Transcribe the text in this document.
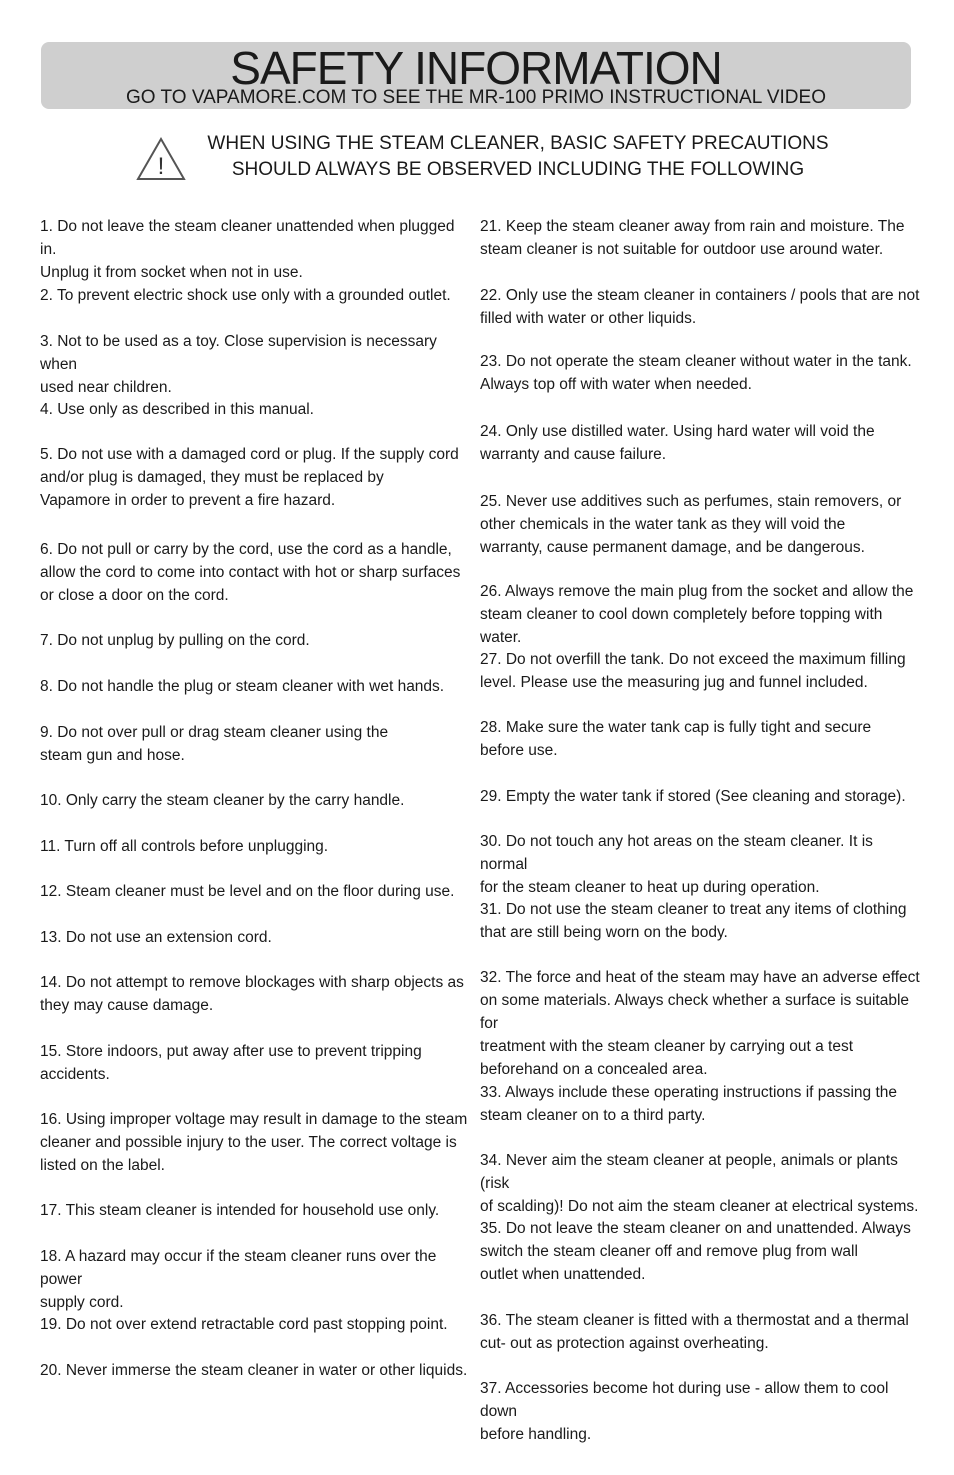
SAFETY INFORMATION
GO TO VAPAMORE.COM TO SEE THE MR-100 PRIMO INSTRUCTIONAL VIDEO
!
WHEN USING THE STEAM CLEANER, BASIC SAFETY PRECAUTIONS
SHOULD ALWAYS BE OBSERVED INCLUDING THE FOLLOWING
1. Do not leave the steam cleaner unattended when plugged in.
Unplug it from socket when not in use.
2. To prevent electric shock use only with a grounded outlet.
3. Not to be used as a toy. Close supervision is necessary when
used near children.
4. Use only as described in this manual.
5. Do not use with a damaged cord or plug. If the supply cord
and/or plug is damaged, they must be replaced by
Vapamore in order to prevent a fire hazard.
6. Do not pull or carry by the cord, use the cord as a handle,
allow the cord to come into contact with hot or sharp surfaces
or close a door on the cord.
7. Do not unplug by pulling on the cord.
8. Do not handle the plug or steam cleaner with wet hands.
9. Do not over pull or drag steam cleaner using the
steam gun and hose.
10. Only carry the steam cleaner by the carry handle.
11. Turn off all controls before unplugging.
12. Steam cleaner must be level and on the floor during use.
13. Do not use an extension cord.
14. Do not attempt to remove blockages with sharp objects as
they may cause damage.
15. Store indoors, put away after use to prevent tripping
accidents.
16. Using improper voltage may result in damage to the steam
cleaner and possible injury to the user. The correct voltage is
listed on the label.
17. This steam cleaner is intended for household use only.
18. A hazard may occur if the steam cleaner runs over the power
supply cord.
19. Do not over extend retractable cord past stopping point.
20. Never immerse the steam cleaner in water or other liquids.
21. Keep the steam cleaner away from rain and moisture. The
steam cleaner is not suitable for outdoor use around water.
22. Only use the steam cleaner in containers / pools that are not
filled with water or other liquids.
23. Do not operate the steam cleaner without water in the tank.
Always top off with water when needed.
24. Only use distilled water. Using hard water will void the
warranty and cause failure.
25. Never use additives such as perfumes, stain removers, or
other chemicals in the water tank as they will void the
warranty, cause permanent damage, and be dangerous.
26. Always remove the main plug from the socket and allow the
steam cleaner to cool down completely before topping with water.
27. Do not overfill the tank. Do not exceed the maximum filling
level. Please use the measuring jug and funnel included.
28. Make sure the water tank cap is fully tight and secure
before use.
29. Empty the water tank if stored (See cleaning and storage).
30. Do not touch any hot areas on the steam cleaner. It is normal
for the steam cleaner to heat up during operation.
31. Do not use the steam cleaner to treat any items of clothing
that are still being worn on the body.
32. The force and heat of the steam may have an adverse effect
on some materials. Always check whether a surface is suitable for
treatment with the steam cleaner by carrying out a test
beforehand on a concealed area.
33. Always include these operating instructions if passing the
steam cleaner on to a third party.
34. Never aim the steam cleaner at people, animals or plants (risk
of scalding)! Do not aim the steam cleaner at electrical systems.
35. Do not leave the steam cleaner on and unattended. Always
switch the steam cleaner off and remove plug from wall
outlet when unattended.
36. The steam cleaner is fitted with a thermostat and a thermal
cut- out as protection against overheating.
37. Accessories become hot during use - allow them to cool down
before handling.
